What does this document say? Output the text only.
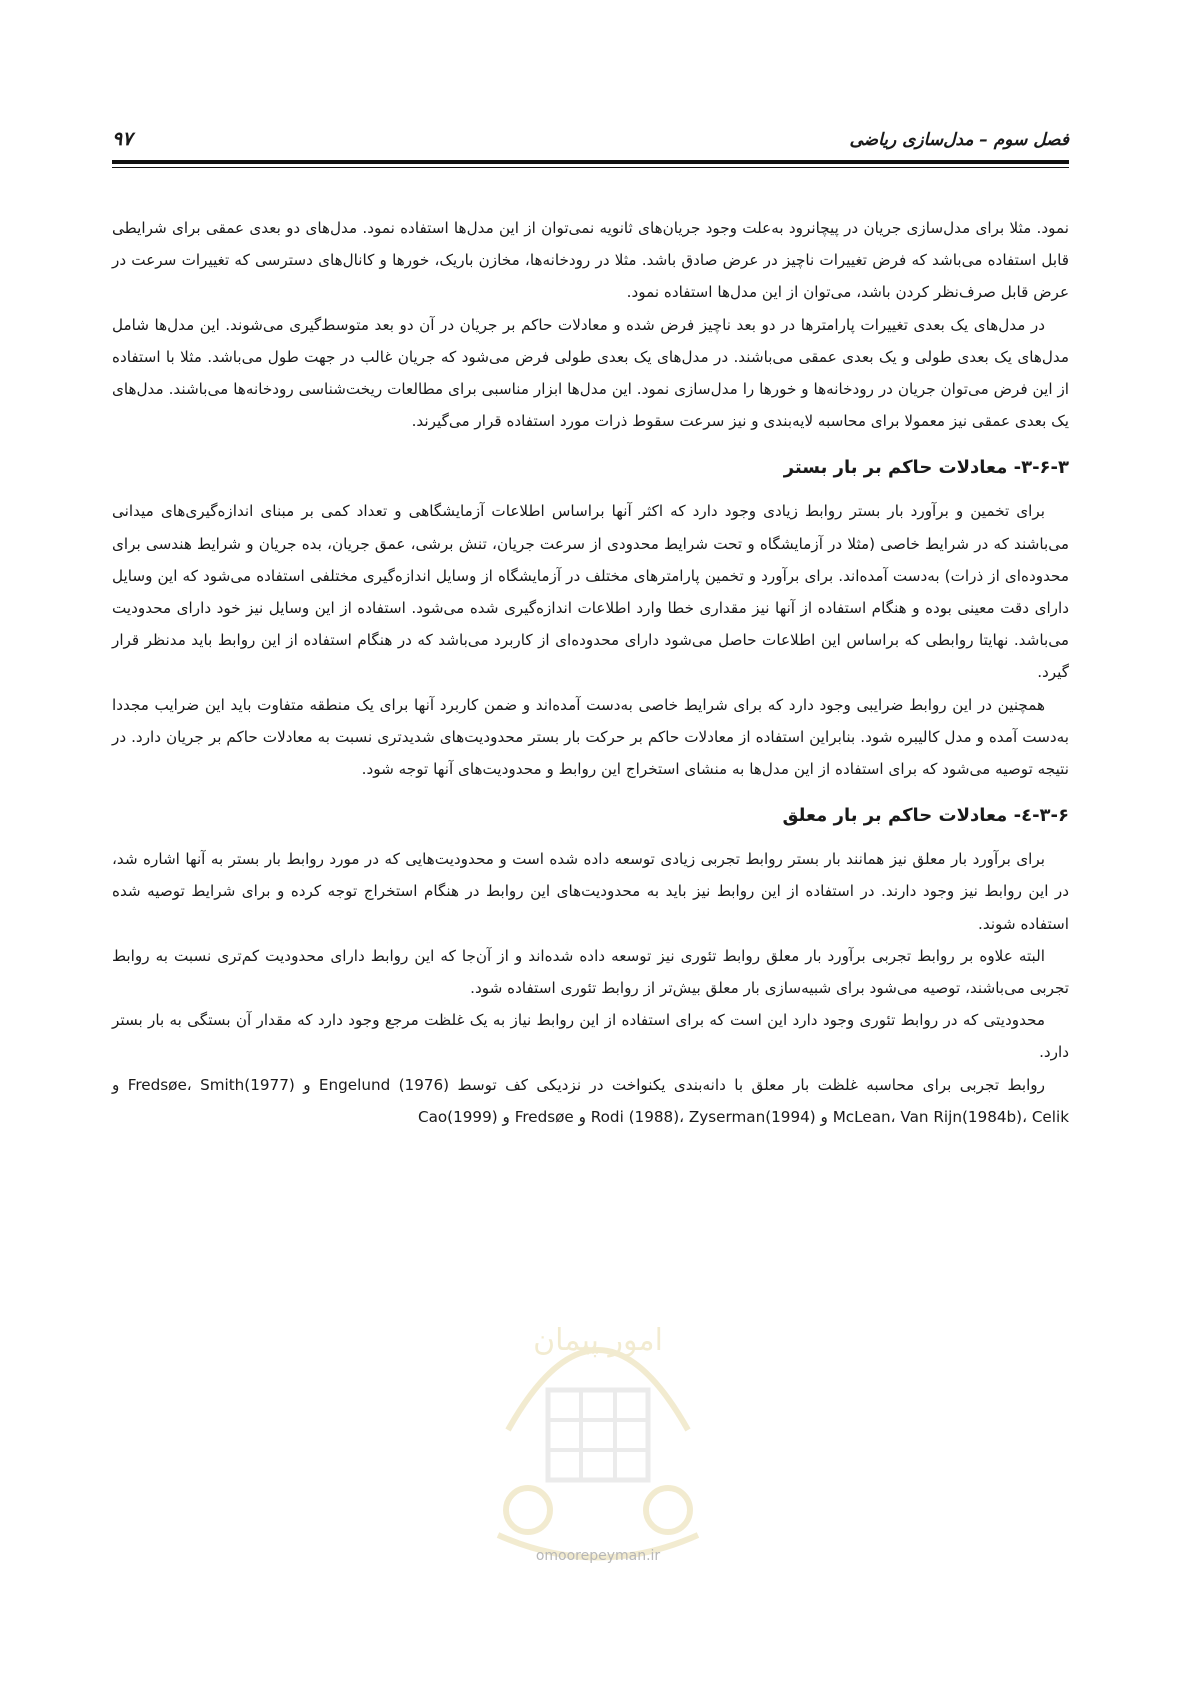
فصل سوم – مدل‌سازی ریاضی
۹۷

نمود. مثلا برای مدل‌سازی جریان در پیچانرود به‌علت وجود جریان‌های ثانویه نمی‌توان از این مدل‌ها استفاده نمود. مدل‌های دو بعدی عمقی برای شرایطی قابل استفاده می‌باشد که فرض تغییرات ناچیز در عرض صادق باشد. مثلا در رودخانه‌ها، مخازن باریک، خورها و کانال‌های دسترسی که تغییرات سرعت در عرض قابل صرف‌نظر کردن باشد، می‌توان از این مدل‌ها استفاده نمود.

در مدل‌های یک بعدی تغییرات پارامترها در دو بعد ناچیز فرض شده و معادلات حاکم بر جریان در آن دو بعد متوسط‌گیری می‌شوند. این مدل‌ها شامل مدل‌های یک بعدی طولی و یک بعدی عمقی می‌باشند. در مدل‌های یک بعدی طولی فرض می‌شود که جریان غالب در جهت طول می‌باشد. مثلا با استفاده از این فرض می‌توان جریان در رودخانه‌ها و خورها را مدل‌سازی نمود. این مدل‌ها ابزار مناسبی برای مطالعات ریخت‌شناسی رودخانه‌ها می‌باشند. مدل‌های یک بعدی عمقی نیز معمولا برای محاسبه لایه‌بندی و نیز سرعت سقوط ذرات مورد استفاده قرار می‌گیرند.

۳-۶-۳- معادلات حاکم بر بار بستر

برای تخمین و برآورد بار بستر روابط زیادی وجود دارد که اکثر آنها براساس اطلاعات آزمایشگاهی و تعداد کمی بر مبنای اندازه‌گیری‌های میدانی می‌باشند که در شرایط خاصی (مثلا در آزمایشگاه و تحت شرایط محدودی از سرعت جریان، تنش برشی، عمق جریان، بده جریان و شرایط هندسی برای محدوده‌ای از ذرات) به‌دست آمده‌اند. برای برآورد و تخمین پارامترهای مختلف در آزمایشگاه از وسایل اندازه‌گیری مختلفی استفاده می‌شود که این وسایل دارای دقت معینی بوده و هنگام استفاده از آنها نیز مقداری خطا وارد اطلاعات اندازه‌گیری شده می‌شود. استفاده از این وسایل نیز خود دارای محدودیت می‌باشد. نهایتا روابطی که براساس این اطلاعات حاصل می‌شود دارای محدوده‌ای از کاربرد می‌باشد که در هنگام استفاده از این روابط باید مدنظر قرار گیرد.

همچنین در این روابط ضرایبی وجود دارد که برای شرایط خاصی به‌دست آمده‌اند و ضمن کاربرد آنها برای یک منطقه متفاوت باید این ضرایب مجددا به‌دست آمده و مدل کالیبره شود. بنابراین استفاده از معادلات حاکم بر حرکت بار بستر محدودیت‌های شدیدتری نسبت به معادلات حاکم بر جریان دارد. در نتیجه توصیه می‌شود که برای استفاده از این مدل‌ها به منشای استخراج این روابط و محدودیت‌های آنها توجه شود.

۳-۶-٤- معادلات حاکم بر بار معلق

برای برآورد بار معلق نیز همانند بار بستر روابط تجربی زیادی توسعه داده شده است و محدودیت‌هایی که در مورد روابط بار بستر به آنها اشاره شد، در این روابط نیز وجود دارند. در استفاده از این روابط نیز باید به محدودیت‌های این روابط در هنگام استخراج توجه کرده و برای شرایط توصیه شده استفاده شوند.

البته علاوه بر روابط تجربی برآورد بار معلق روابط تئوری نیز توسعه داده شده‌اند و از آن‌جا که این روابط دارای محدودیت کم‌تری نسبت به روابط تجربی می‌باشند، توصیه می‌شود برای شبیه‌سازی بار معلق بیش‌تر از روابط تئوری استفاده شود.

محدودیتی که در روابط تئوری وجود دارد این است که برای استفاده از این روابط نیاز به یک غلظت مرجع وجود دارد که مقدار آن بستگی به بار بستر دارد.

روابط تجربی برای محاسبه غلظت بار معلق با دانه‌بندی یکنواخت در نزدیکی کف توسط Engelund (1976) و Fredsøe، Smith(1977) و McLean، Van Rijn(1984b)، Celik و Rodi (1988)، Zyserman(1994) و Fredsøe و Cao(1999)

امور پیمان
omoorepeyman.ir
